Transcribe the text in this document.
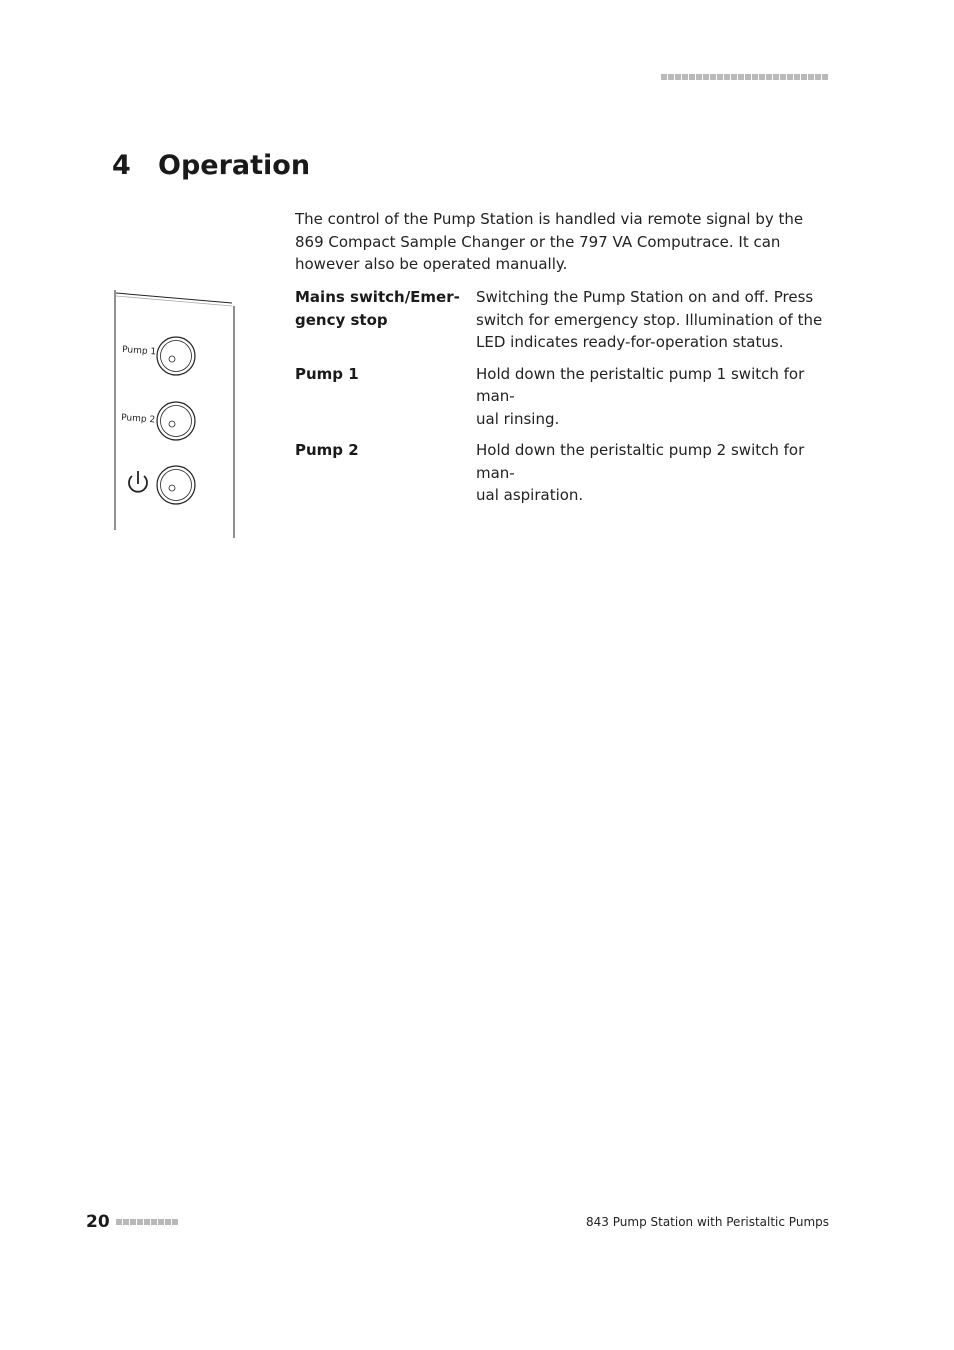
4	Operation

The control of the Pump Station is handled via remote signal by the 869 Compact Sample Changer or the 797 VA Computrace. It can however also be operated manually.

Pump 1
Pump 2
Mains switch/Emer-
gency stop	Switching the Pump Station on and off. Press switch for emergency stop. Illumination of the LED indicates ready-for-operation status.
Pump 1	Hold down the peristaltic pump 1 switch for man-
ual rinsing.
Pump 2	Hold down the peristaltic pump 2 switch for man-
ual aspiration.
20	843 Pump Station with Peristaltic Pumps
